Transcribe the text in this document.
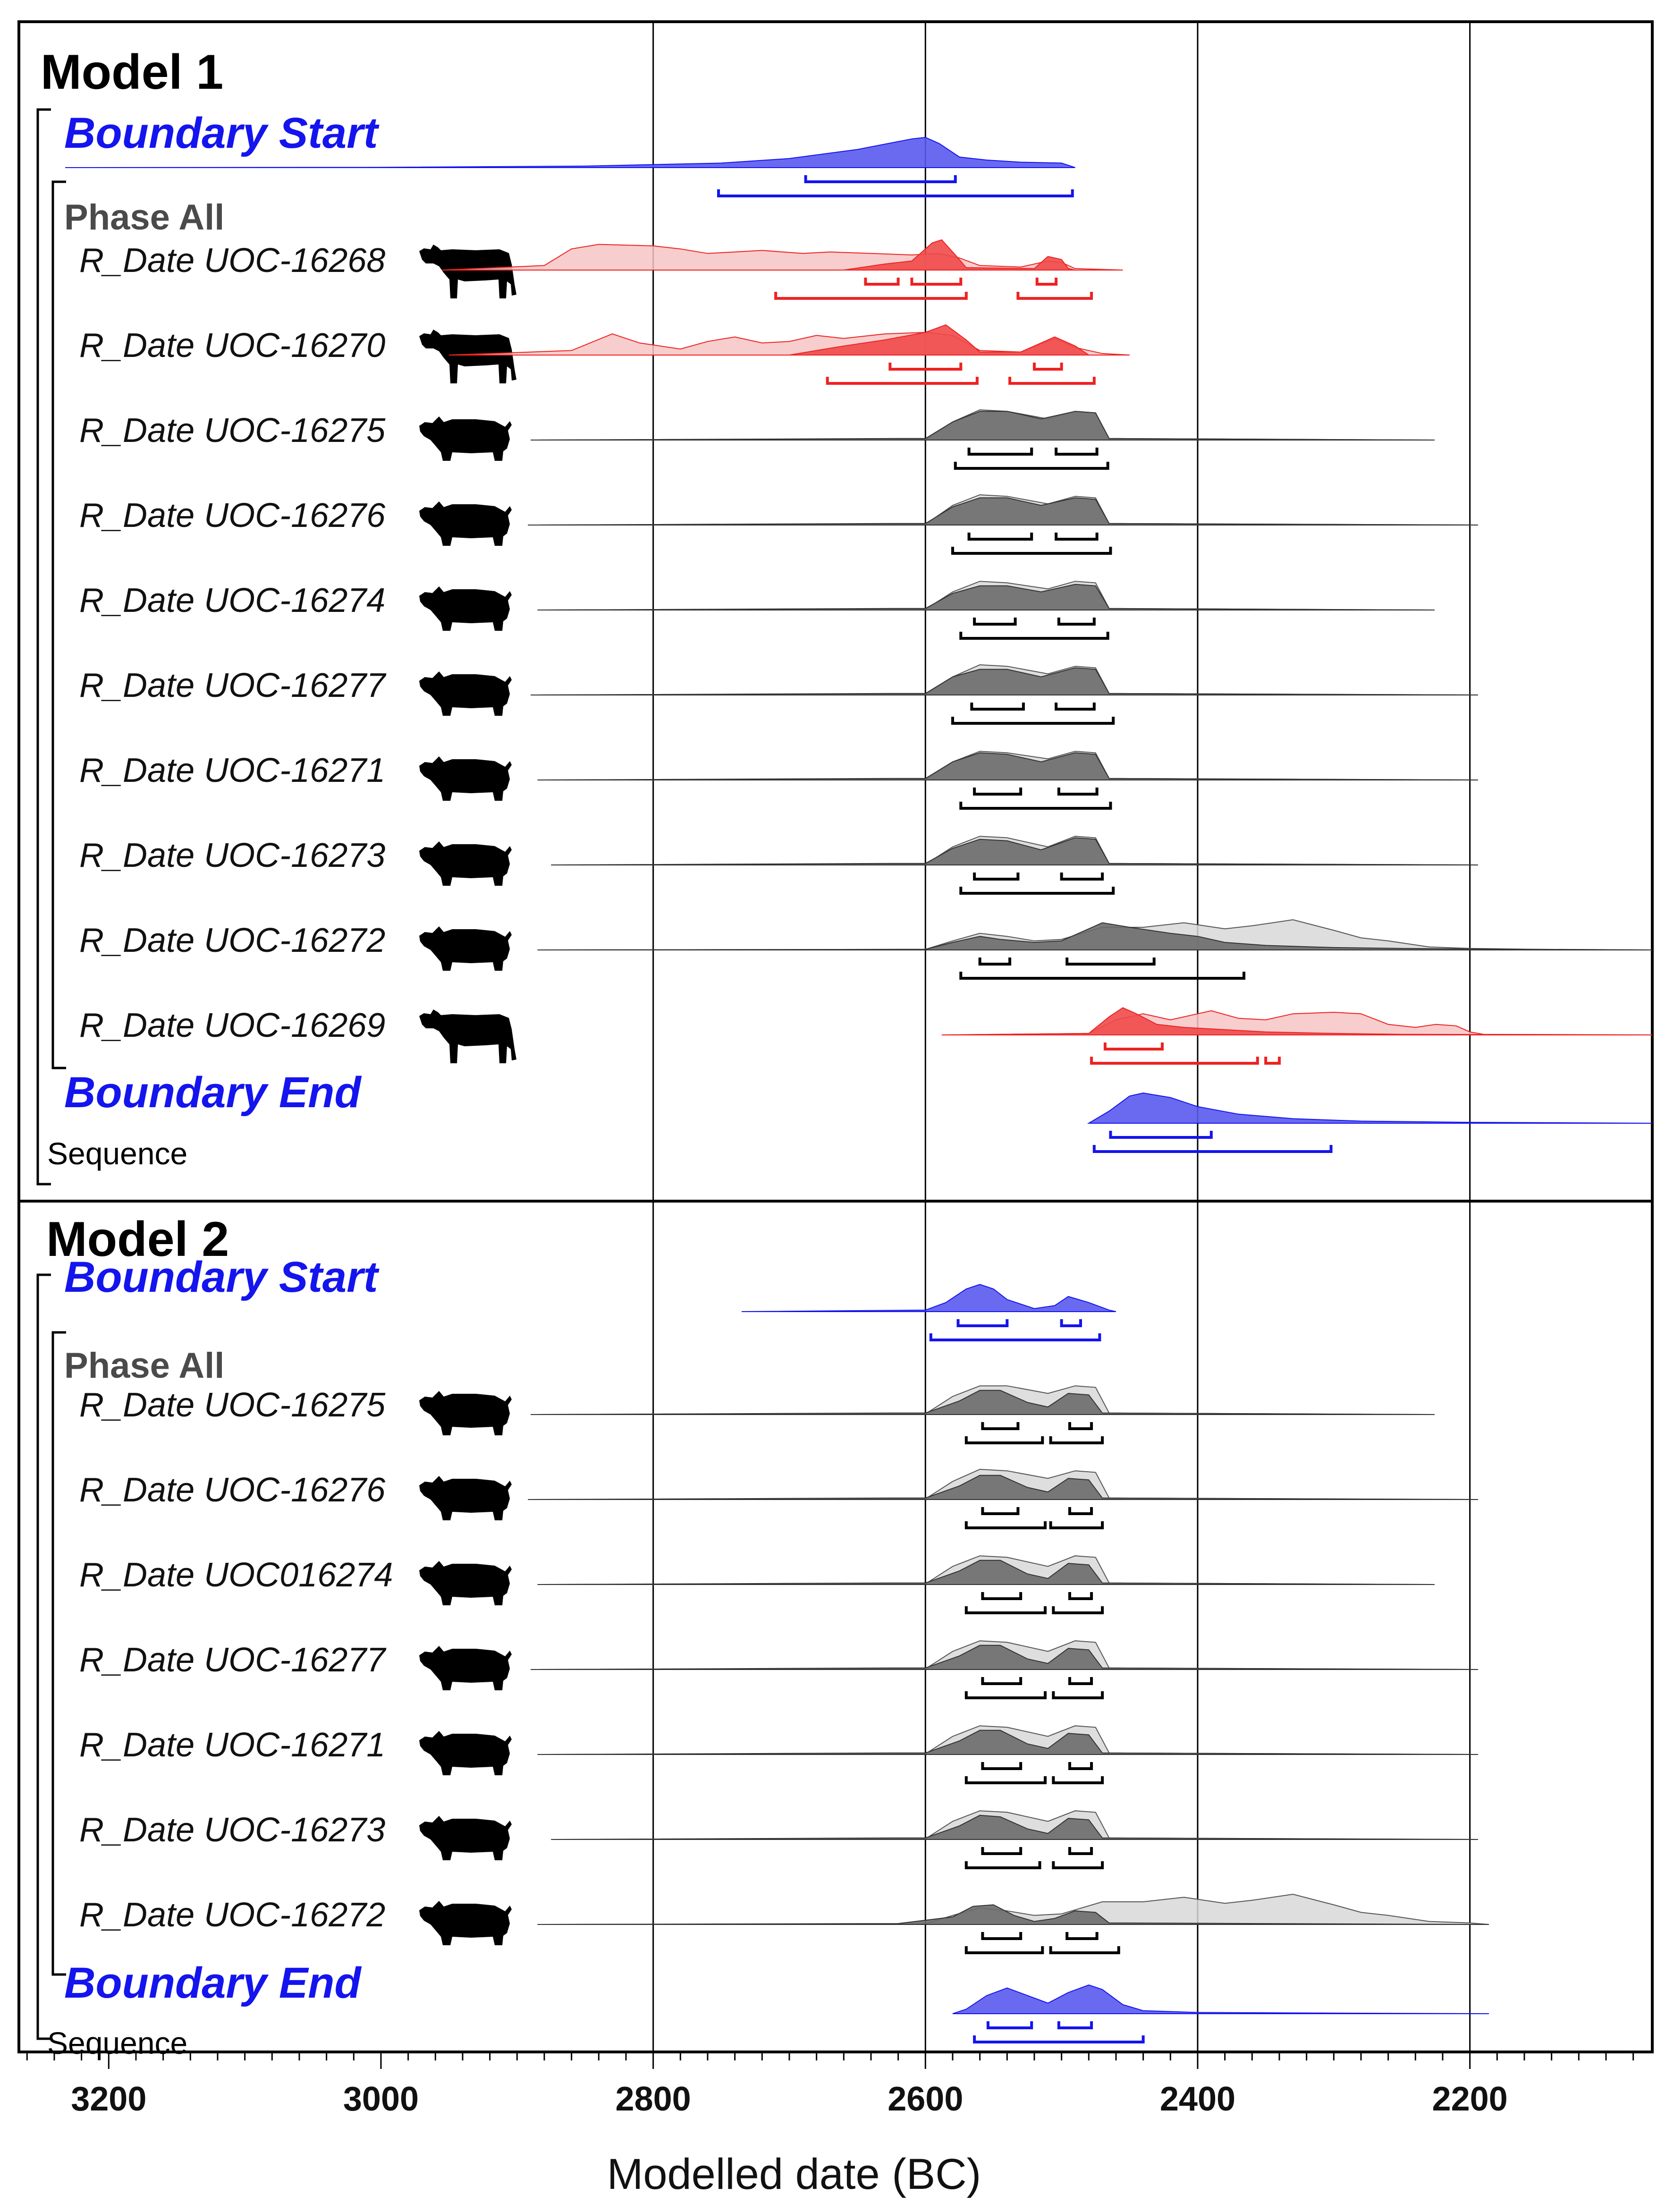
Model 1
Model 2
Phase All
Sequence
Boundary Start
R_Date UOC-16268
R_Date UOC-16270
R_Date UOC-16275
R_Date UOC-16276
R_Date UOC-16274
R_Date UOC-16277
R_Date UOC-16271
R_Date UOC-16273
R_Date UOC-16272
R_Date UOC-16269
Boundary End
Phase All
Sequence
Boundary Start
R_Date UOC-16275
R_Date UOC-16276
R_Date UOC016274
R_Date UOC-16277
R_Date UOC-16271
R_Date UOC-16273
R_Date UOC-16272
Boundary End
3200	3000	2800	2600	2400	2200
Modelled date (BC)
